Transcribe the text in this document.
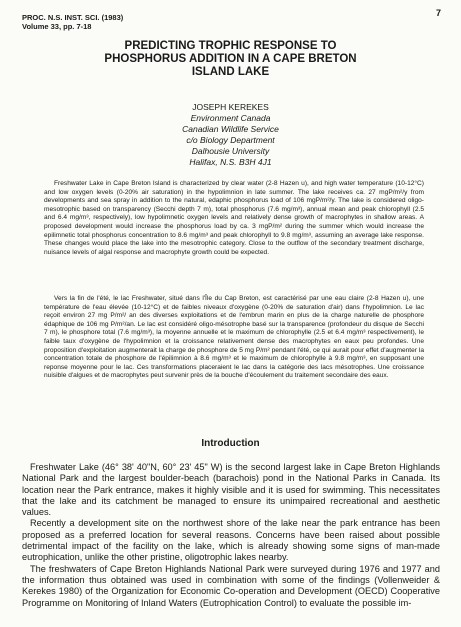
PROC. N.S. INST. SCI. (1983)
Volume 33, pp. 7-18
7
PREDICTING TROPHIC RESPONSE TO
PHOSPHORUS ADDITION IN A CAPE BRETON
ISLAND LAKE
JOSEPH KEREKES
Environment Canada
Canadian Wildlife Service
c/o Biology Department
Dalhousie University
Halifax, N.S. B3H 4J1

Freshwater Lake in Cape Breton Island is characterized by clear water (2-8 Hazen u), and high water temperature (10-12°C) and low oxygen levels (0-20% air saturation) in the hypolimnion in late summer. The lake receives ca. 27 mgP/m²/y from developments and sea spray in addition to the natural, edaphic phosphorus load of 106 mgP/m²/y. The lake is considered oligo-mesotrophic based on transparency (Secchi depth 7 m), total phosphorus (7.6 mg/m³), annual mean and peak chlorophyll (2.5 and 6.4 mg/m³, respectively), low hypolimnetic oxygen levels and relatively dense growth of macrophytes in shallow areas. A proposed development would increase the phosphorus load by ca. 3 mgP/m² during the summer which would increase the epilimnetic total phosphorus concentration to 8.6 mg/m³ and peak chlorophyll to 9.8 mg/m³, assuming an average lake response. These changes would place the lake into the mesotrophic category. Close to the outflow of the secondary treatment discharge, nuisance levels of algal response and macrophyte growth could be expected.

Vers la fin de l'été, le lac Freshwater, situé dans l'Île du Cap Breton, est caractérisé par une eau claire (2-8 Hazen u), une température de l'eau élevée (10-12°C) et de faibles niveaux d'oxygène (0-20% de saturation d'air) dans l'hypolimnion. Le lac reçoit environ 27 mg P/m²/ an des diverses exploitations et de l'embrun marin en plus de la charge naturelle de phosphore édaphique de 106 mg P/m²/an. Le lac est considéré oligo-mésotrophe basé sur la transparence (profondeur du disque de Secchi 7 m), le phosphore total (7.6 mg/m³), la moyenne annuelle et le maximum de chlorophylle (2.5 et 6.4 mg/m³ respectivement), le faible taux d'oxygène de l'hypolimnion et la croissance relativement dense des macrophytes en eaux peu profondes. Une proposition d'exploitation augmenterait la charge de phosphore de 5 mg P/m² pendant l'été, ce qui aurait pour effet d'augmenter la concentration totale de phosphore de l'épilimnion à 8.6 mg/m³ et le maximum de chlorophylle à 9.8 mg/m³, en supposant une reponse moyenne pour le lac. Ces transformations placeraient le lac dans la catégorie des lacs mésotrophes. Une croissance nuisible d'algues et de macrophytes peut survenir près de la bouche d'écoulement du traitement secondaire des eaux.

Introduction

Freshwater Lake (46° 38' 40"N, 60° 23' 45" W) is the second largest lake in Cape Breton Highlands National Park and the largest boulder-beach (barachois) pond in the National Parks in Canada. Its location near the Park entrance, makes it highly visible and it is used for swimming. This necessitates that the lake and its catchment be managed to ensure its unimpaired recreational and aesthetic values.

Recently a development site on the northwest shore of the lake near the park entrance has been proposed as a preferred location for several reasons. Concerns have been raised about possible detrimental impact of the facility on the lake, which is already showing some signs of man-made eutrophication, unlike the other pristine, oligotrophic lakes nearby.

The freshwaters of Cape Breton Highlands National Park were surveyed during 1976 and 1977 and the information thus obtained was used in combination with some of the findings (Vollenweider & Kerekes 1980) of the Organization for Economic Co-operation and Development (OECD) Cooperative Programme on Monitoring of Inland Waters (Eutrophication Control) to evaluate the possible im-
